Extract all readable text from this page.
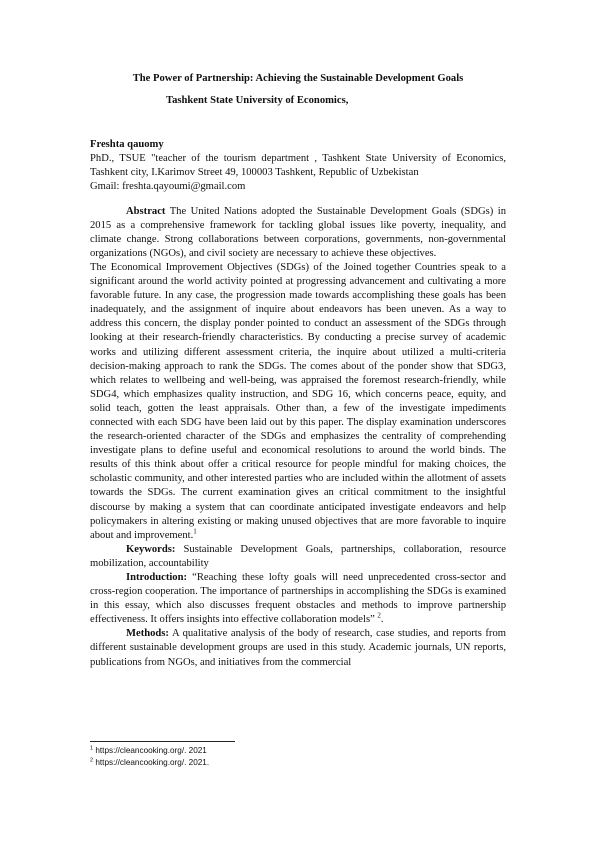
The Power of Partnership: Achieving the Sustainable Development Goals

Tashkent State University of Economics,

Freshta qauomy

PhD., TSUE "teacher of the tourism department , Tashkent State University of Economics, Tashkent city, I.Karimov Street 49, 100003 Tashkent, Republic of Uzbekistan

Gmail: freshta.qayoumi@gmail.com

Abstract The United Nations adopted the Sustainable Development Goals (SDGs) in 2015 as a comprehensive framework for tackling global issues like poverty, inequality, and climate change. Strong collaborations between corporations, governments, non-governmental organizations (NGOs), and civil society are necessary to achieve these objectives.

The Economical Improvement Objectives (SDGs) of the Joined together Countries speak to a significant around the world activity pointed at progressing advancement and cultivating a more favorable future. In any case, the progression made towards accomplishing these goals has been inadequately, and the assignment of inquire about endeavors has been uneven. As a way to address this concern, the display ponder pointed to conduct an assessment of the SDGs through looking at their research-friendly characteristics. By conducting a precise survey of academic works and utilizing different assessment criteria, the inquire about utilized a multi-criteria decision-making approach to rank the SDGs. The comes about of the ponder show that SDG3, which relates to wellbeing and well-being, was appraised the foremost research-friendly, while SDG4, which emphasizes quality instruction, and SDG 16, which concerns peace, equity, and solid teach, gotten the least appraisals. Other than, a few of the investigate impediments connected with each SDG have been laid out by this paper. The display examination underscores the research-oriented character of the SDGs and emphasizes the centrality of comprehending investigate plans to define useful and economical resolutions to around the world binds. The results of this think about offer a critical resource for people mindful for making choices, the scholastic community, and other interested parties who are included within the allotment of assets towards the SDGs. The current examination gives an critical commitment to the insightful discourse by making a system that can coordinate anticipated investigate endeavors and help policymakers in altering existing or making unused objectives that are more favorable to inquire about and improvement.$^1$

Keywords: Sustainable Development Goals, partnerships, collaboration, resource mobilization, accountability

Introduction: “Reaching these lofty goals will need unprecedented cross-sector and cross-region cooperation. The importance of partnerships in accomplishing the SDGs is examined in this essay, which also discusses frequent obstacles and methods to improve partnership effectiveness. It offers insights into effective collaboration models” $^2$.

Methods: A qualitative analysis of the body of research, case studies, and reports from different sustainable development groups are used in this study. Academic journals, UN reports, publications from NGOs, and initiatives from the commercial

$^1$ https://cleancooking.org/. 2021
$^2$ https://cleancooking.org/. 2021.
